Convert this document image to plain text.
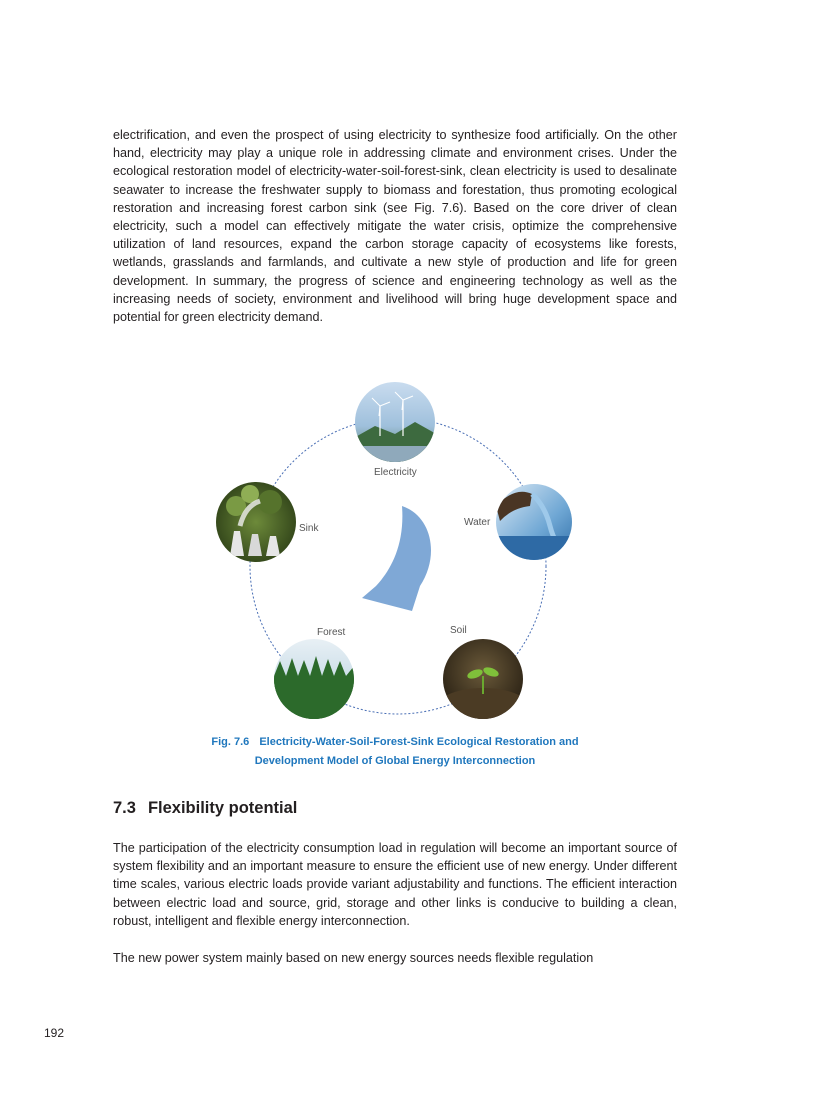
electrification, and even the prospect of using electricity to synthesize food artificially. On the other hand, electricity may play a unique role in addressing climate and environment crises. Under the ecological restoration model of electricity-water-soil-forest-sink, clean electricity is used to desalinate seawater to increase the freshwater supply to biomass and forestation, thus promoting ecological restoration and increasing forest carbon sink (see Fig. 7.6). Based on the core driver of clean electricity, such a model can effectively mitigate the water crisis, optimize the comprehensive utilization of land resources, expand the carbon storage capacity of ecosystems like forests, wetlands, grasslands and farmlands, and cultivate a new style of production and life for green development. In summary, the progress of science and engineering technology as well as the increasing needs of society, environment and livelihood will bring huge development space and potential for green electricity demand.

Electricity
Water
Soil
Forest
Sink
Fig. 7.6 Electricity-Water-Soil-Forest-Sink Ecological Restoration and
Development Model of Global Energy Interconnection
7.3 Flexibility potential

The participation of the electricity consumption load in regulation will become an important source of system flexibility and an important measure to ensure the efficient use of new energy. Under different time scales, various electric loads provide variant adjustability and functions. The efficient interaction between electric load and source, grid, storage and other links is conducive to building a clean, robust, intelligent and flexible energy interconnection.

The new power system mainly based on new energy sources needs flexible regulation

192
